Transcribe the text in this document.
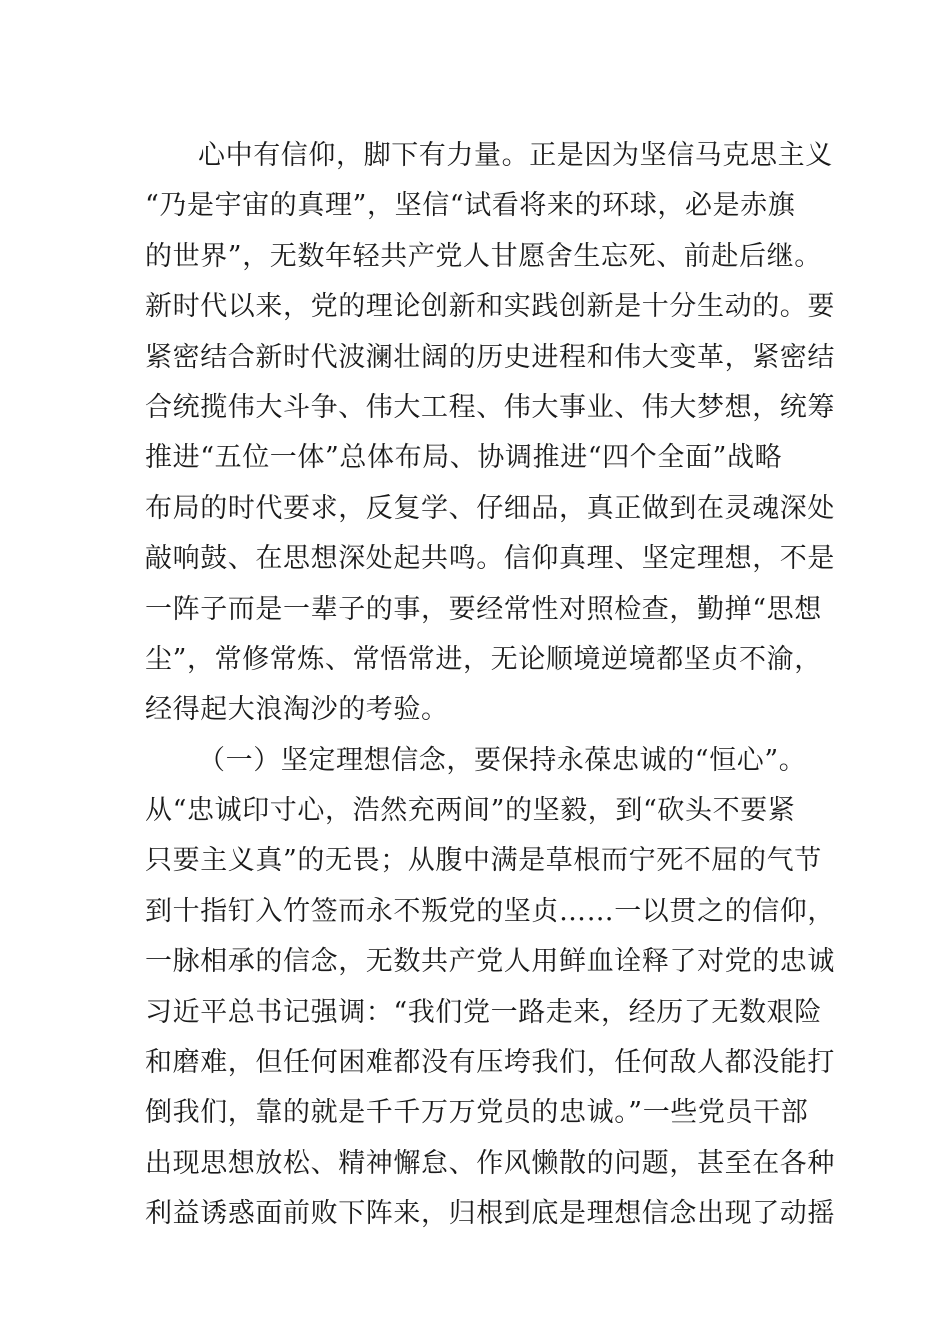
心中有信仰，脚下有力量。正是因为坚信马克思主义
“乃是宇宙的真理”，坚信“试看将来的环球，必是赤旗
的世界”，无数年轻共产党人甘愿舍生忘死、前赴后继。
新时代以来，党的理论创新和实践创新是十分生动的。要
紧密结合新时代波澜壮阔的历史进程和伟大变革，紧密结
合统揽伟大斗争、伟大工程、伟大事业、伟大梦想，统筹
推进“五位一体”总体布局、协调推进“四个全面”战略
布局的时代要求，反复学、仔细品，真正做到在灵魂深处
敲响鼓、在思想深处起共鸣。信仰真理、坚定理想，不是
一阵子而是一辈子的事，要经常性对照检查，勤掸“思想
尘”，常修常炼、常悟常进，无论顺境逆境都坚贞不渝，
经得起大浪淘沙的考验。
（一）坚定理想信念，要保持永葆忠诚的“恒心”。
从“忠诚印寸心，浩然充两间”的坚毅，到“砍头不要紧
只要主义真”的无畏；从腹中满是草根而宁死不屈的气节
到十指钉入竹签而永不叛党的坚贞……一以贯之的信仰，
一脉相承的信念，无数共产党人用鲜血诠释了对党的忠诚
习近平总书记强调：“我们党一路走来，经历了无数艰险
和磨难，但任何困难都没有压垮我们，任何敌人都没能打
倒我们，靠的就是千千万万党员的忠诚。”一些党员干部
出现思想放松、精神懈怠、作风懒散的问题，甚至在各种
利益诱惑面前败下阵来，归根到底是理想信念出现了动摇
